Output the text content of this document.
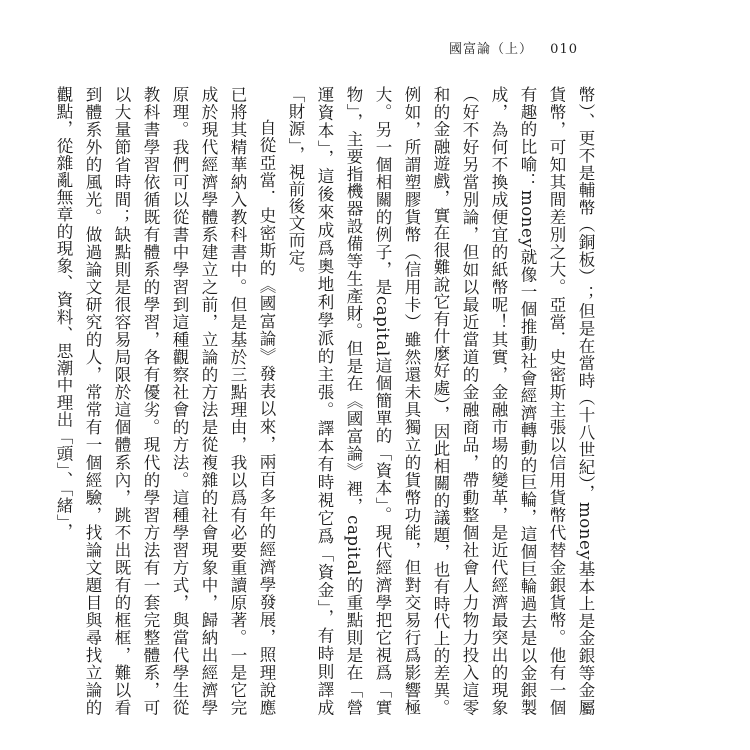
國富論（上） 010

幣）、更不是輔幣（銅板）；但是在當時（十八世紀），money基本上是金銀等金屬貨幣，可知其間差別之大。亞當．史密斯主張以信用貨幣代替金銀貨幣。他有一個有趣的比喻：money就像一個推動社會經濟轉動的巨輪，這個巨輪過去是以金銀製成，為何不換成便宜的紙幣呢！其實，金融市場的變革，是近代經濟最突出的現象（好不好另當別論，但如以最近當道的金融商品，帶動整個社會人力物力投入這零和的金融遊戲，實在很難說它有什麼好處），因此相關的議題，也有時代上的差異。例如，所謂塑膠貨幣（信用卡）雖然還未具獨立的貨幣功能，但對交易行爲影響極大。另一個相關的例子，是capital這個簡單的「資本」。現代經濟學把它視爲「實物」，主要指機器設備等生產財。但是在《國富論》裡，capital的重點則是在「營運資本」，這後來成爲奧地利學派的主張。譯本有時視它爲「資金」，有時則譯成「財源」，視前後文而定。

自從亞當．史密斯的《國富論》發表以來，兩百多年的經濟學發展，照理說應已將其精華納入教科書中。但是基於三點理由，我以爲有必要重讀原著。一是它完成於現代經濟學體系建立之前，立論的方法是從複雜的社會現象中，歸納出經濟學原理。我們可以從書中學習到這種觀察社會的方法。這種學習方式，與當代學生從教科書學習依循既有體系的學習，各有優劣。現代的學習方法有一套完整體系，可以大量節省時間；缺點則是很容易局限於這個體系內，跳不出既有的框框，難以看到體系外的風光。做過論文研究的人，常常有一個經驗，找論文題目與尋找立論的觀點，從雜亂無章的現象、資料、思潮中理出「頭」、「緒」，
